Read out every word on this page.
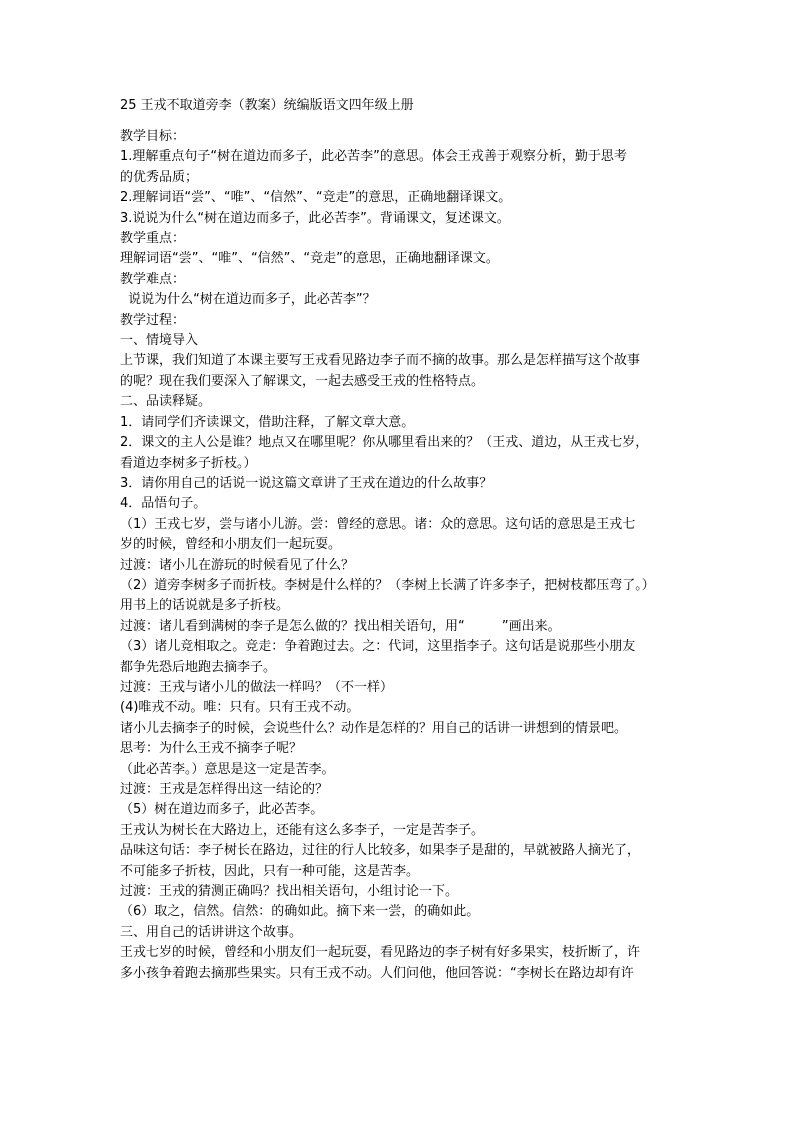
25 王戎不取道旁李（教案）统编版语文四年级上册

教学目标：

1.理解重点句子“树在道边而多子，此必苦李”的意思。体会王戎善于观察分析，勤于思考

的优秀品质；

2.理解词语“尝”、“唯”、“信然”、“竞走”的意思，正确地翻译课文。

3.说说为什么“树在道边而多子，此必苦李”。背诵课文，复述课文。

教学重点：

理解词语“尝”、“唯”、“信然”、“竞走”的意思，正确地翻译课文。

教学难点：

说说为什么“树在道边而多子，此必苦李”？

教学过程：

一、情境导入

上节课，我们知道了本课主要写王戎看见路边李子而不摘的故事。那么是怎样描写这个故事

的呢？现在我们要深入了解课文，一起去感受王戎的性格特点。

二、品读释疑。

1．请同学们齐读课文，借助注释，了解文章大意。

2．课文的主人公是谁？地点又在哪里呢？你从哪里看出来的？（王戎、道边，从王戎七岁，

看道边李树多子折枝。）

3．请你用自己的话说一说这篇文章讲了王戎在道边的什么故事？

4．品悟句子。

（1）王戎七岁，尝与诸小儿游。尝：曾经的意思。诸：众的意思。这句话的意思是王戎七

岁的时候，曾经和小朋友们一起玩耍。

过渡：诸小儿在游玩的时候看见了什么？

（2）道旁李树多子而折枝。李树是什么样的？（李树上长满了许多李子，把树枝都压弯了。）

用书上的话说就是多子折枝。

过渡：诸儿看到满树的李子是怎么做的？找出相关语句，用“         ”画出来。

（3）诸儿竞相取之。竞走：争着跑过去。之：代词，这里指李子。这句话是说那些小朋友

都争先恐后地跑去摘李子。

过渡：王戎与诸小儿的做法一样吗？（不一样）

(4)唯戎不动。唯：只有。只有王戎不动。

诸小儿去摘李子的时候，会说些什么？动作是怎样的？用自己的话讲一讲想到的情景吧。

思考：为什么王戎不摘李子呢？

（此必苦李。）意思是这一定是苦李。

过渡：王戎是怎样得出这一结论的？

（5）树在道边而多子，此必苦李。

王戎认为树长在大路边上，还能有这么多李子，一定是苦李子。

品味这句话：李子树长在路边，过往的行人比较多，如果李子是甜的，早就被路人摘光了，

不可能多子折枝，因此，只有一种可能，这是苦李。

过渡：王戎的猜测正确吗？找出相关语句，小组讨论一下。

（6）取之，信然。信然：的确如此。摘下来一尝，的确如此。

三、用自己的话讲讲这个故事。

王戎七岁的时候，曾经和小朋友们一起玩耍，看见路边的李子树有好多果实，枝折断了，许

多小孩争着跑去摘那些果实。只有王戎不动。人们问他，他回答说：“李树长在路边却有许
